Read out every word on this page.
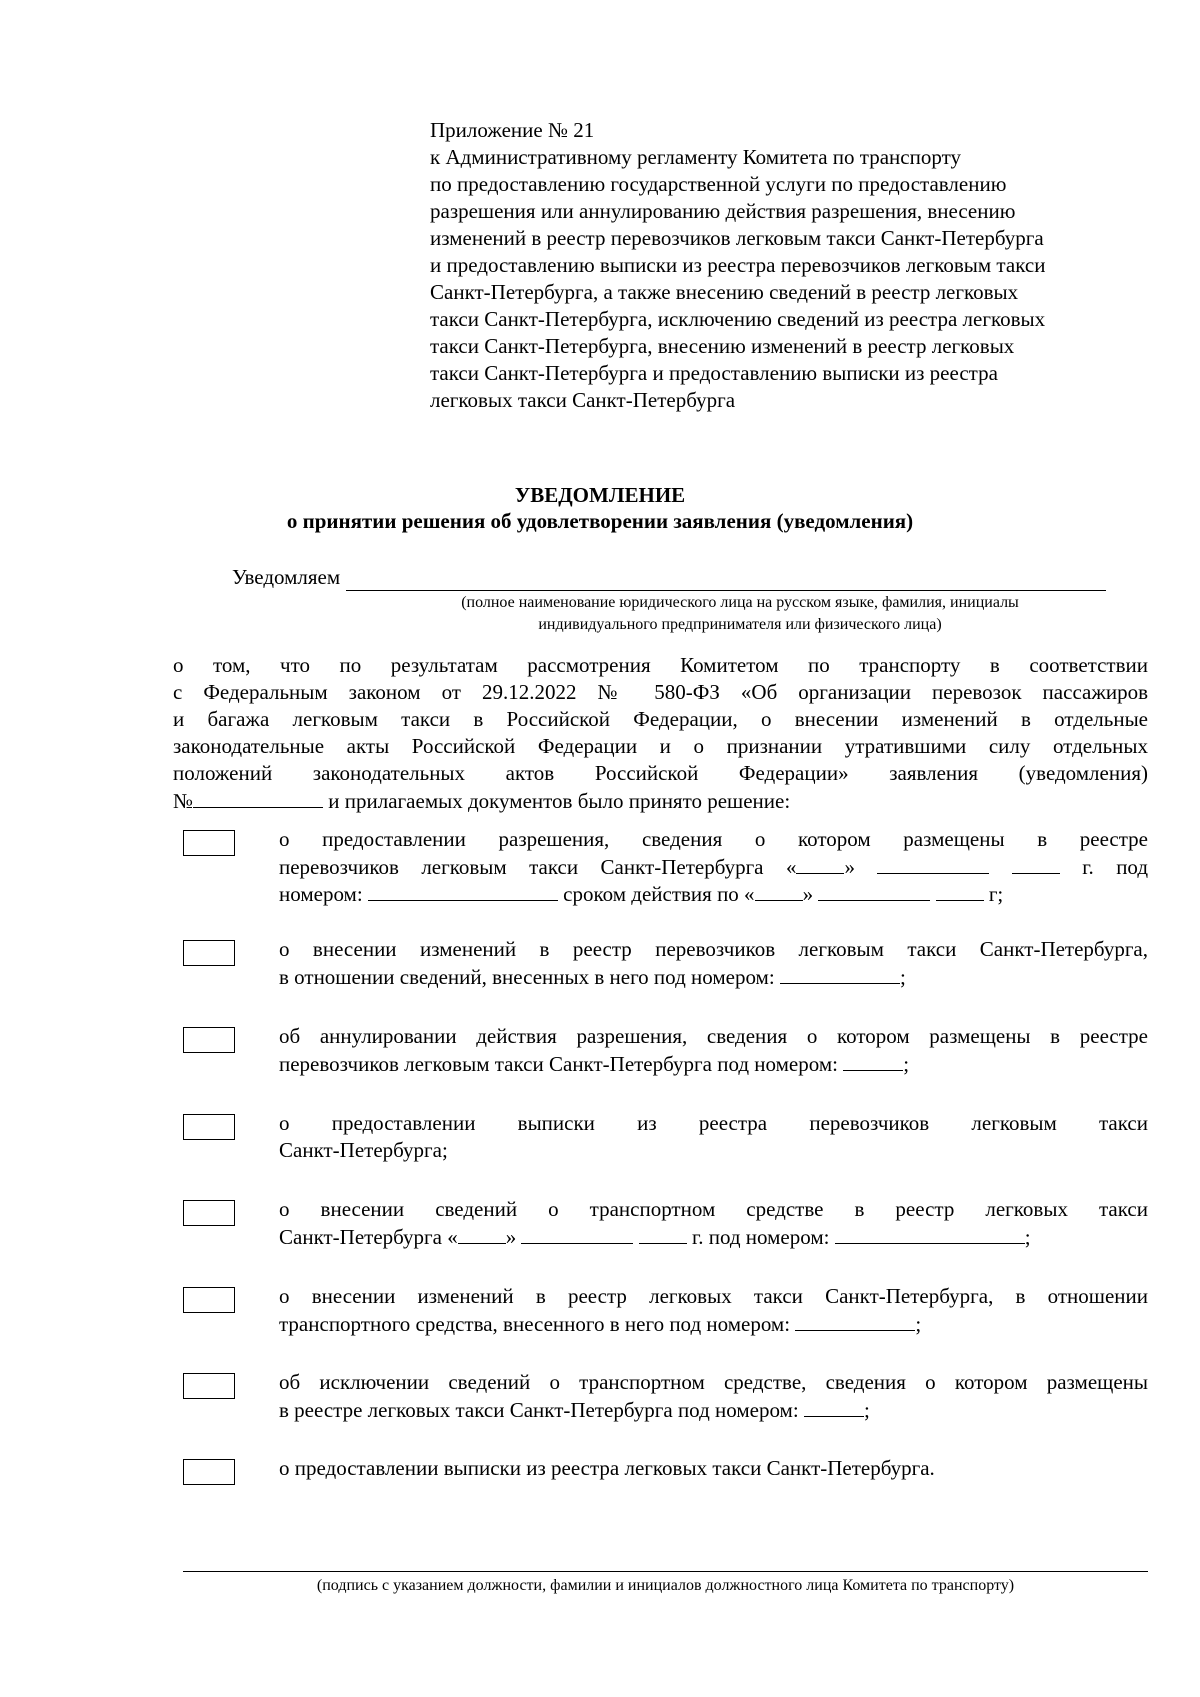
Приложение № 21
к Административному регламенту Комитета по транспорту
по предоставлению государственной услуги по предоставлению
разрешения или аннулированию действия разрешения, внесению
изменений в реестр перевозчиков легковым такси Санкт-Петербурга
и предоставлению выписки из реестра перевозчиков легковым такси
Санкт-Петербурга, а также внесению сведений в реестр легковых
такси Санкт-Петербурга, исключению сведений из реестра легковых
такси Санкт-Петербурга, внесению изменений в реестр легковых
такси Санкт-Петербурга и предоставлению выписки из реестра
легковых такси Санкт-Петербурга
УВЕДОМЛЕНИЕ
о принятии решения об удовлетворении заявления (уведомления)
Уведомляем
(полное наименование юридического лица на русском языке, фамилия, инициалы
индивидуального предпринимателя или физического лица)
о том, что по результатам рассмотрения Комитетом по транспорту в соответствии
с Федеральным законом от 29.12.2022 № 580-ФЗ «Об организации перевозок пассажиров
и багажа легковым такси в Российской Федерации, о внесении изменений в отдельные
законодательные акты Российской Федерации и о признании утратившими силу отдельных
положений законодательных актов Российской Федерации» заявления (уведомления)
№	и прилагаемых документов было принято решение:
о предоставлении разрешения, сведения о котором размещены в реестре
перевозчиков легковым такси Санкт-Петербурга « »	г. под
номером:	сроком действия по « »	г;
о внесении изменений в реестр перевозчиков легковым такси Санкт-Петербурга,
в отношении сведений, внесенных в него под номером:	;
об аннулировании действия разрешения, сведения о котором размещены в реестре
перевозчиков легковым такси Санкт-Петербурга под номером:	;
о предоставлении выписки из реестра перевозчиков легковым такси
Санкт-Петербурга;
о внесении сведений о транспортном средстве в реестр легковых такси
Санкт-Петербурга « »	г. под номером:	;
о внесении изменений в реестр легковых такси Санкт-Петербурга, в отношении
транспортного средства, внесенного в него под номером:	;
об исключении сведений о транспортном средстве, сведения о котором размещены
в реестре легковых такси Санкт-Петербурга под номером:	;
о предоставлении выписки из реестра легковых такси Санкт-Петербурга.
(подпись с указанием должности, фамилии и инициалов должностного лица Комитета по транспорту)
